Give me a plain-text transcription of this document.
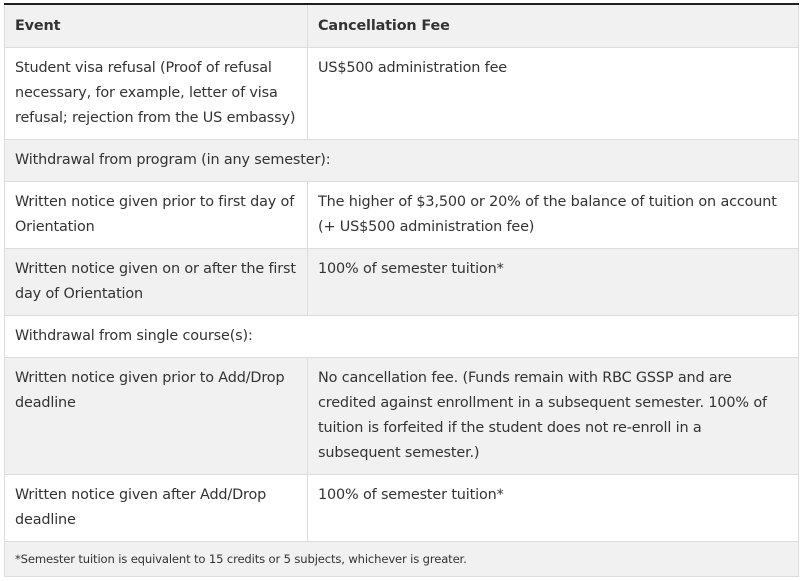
Event	Cancellation Fee
Student visa refusal (Proof of refusal necessary, for example, letter of visa refusal; rejection from the US embassy)	US$500 administration fee
Withdrawal from program (in any semester):	
Written notice given prior to first day of Orientation	The higher of $3,500 or 20% of the balance of tuition on account (+ US$500 administration fee)
Written notice given on or after the first day of Orientation	100% of semester tuition*
Withdrawal from single course(s):	
Written notice given prior to Add/Drop deadline	No cancellation fee. (Funds remain with RBC GSSP and are credited against enrollment in a subsequent semester. 100% of tuition is forfeited if the student does not re-enroll in a subsequent semester.)
Written notice given after Add/Drop deadline	100% of semester tuition*
*Semester tuition is equivalent to 15 credits or 5 subjects, whichever is greater.	
